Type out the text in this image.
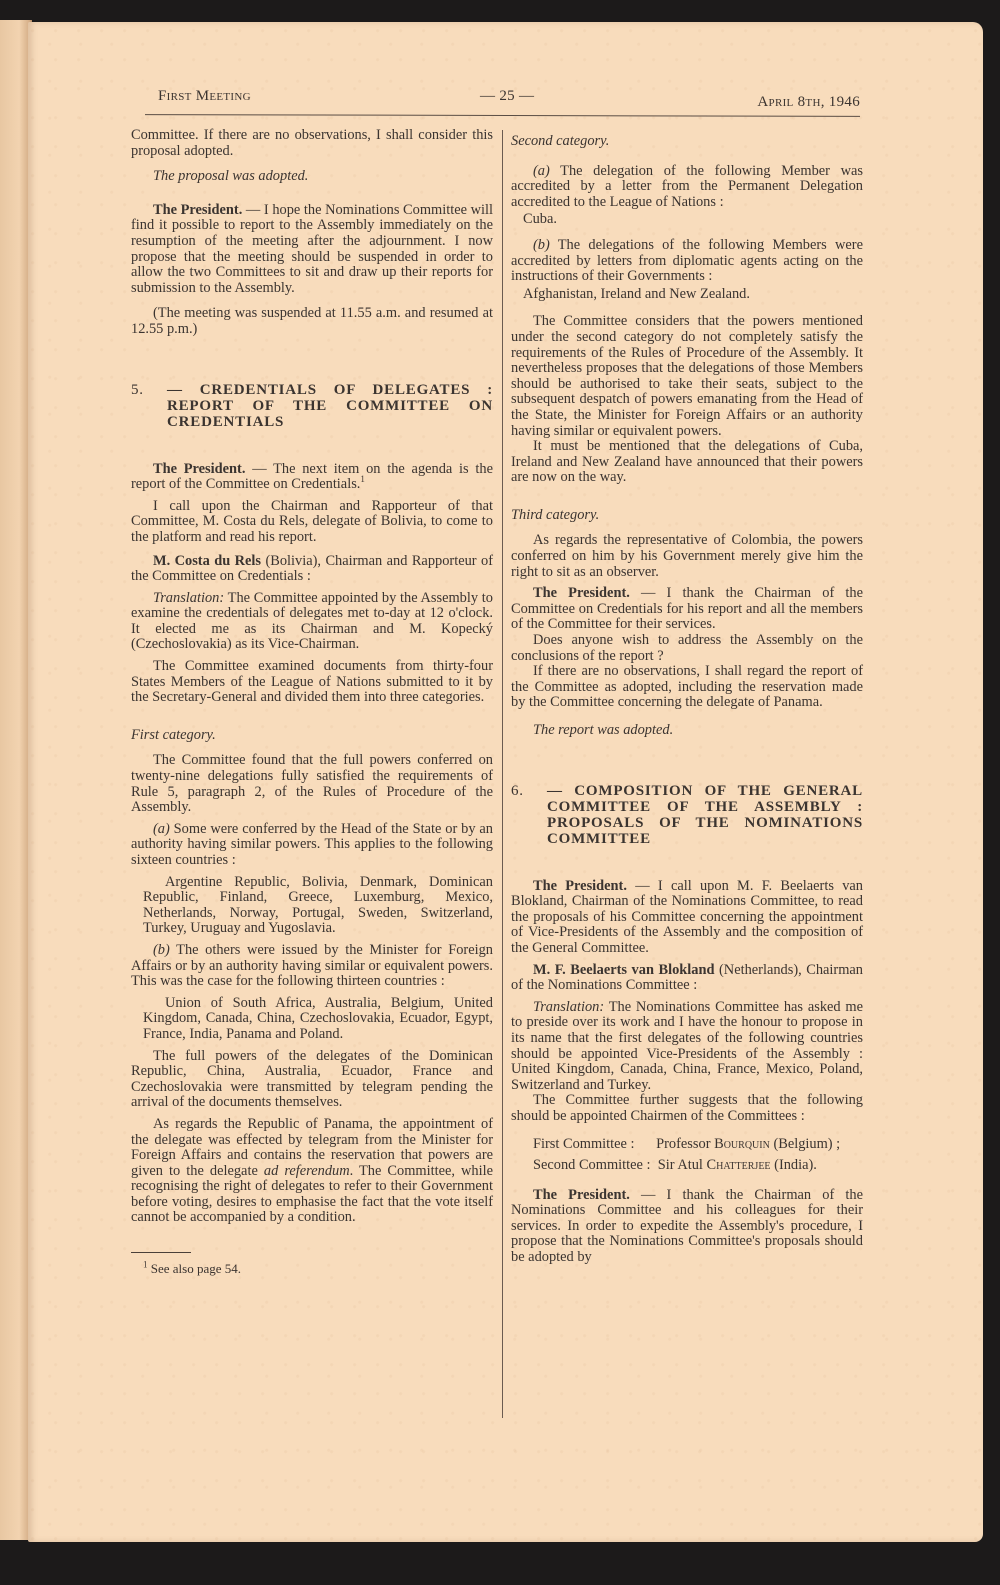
First Meeting	— 25 —	April 8th, 1946

Committee. If there are no observations, I shall consider this proposal adopted.

The proposal was adopted.

The President. — I hope the Nominations Committee will find it possible to report to the Assembly immediately on the resumption of the meeting after the adjournment. I now propose that the meeting should be suspended in order to allow the two Committees to sit and draw up their reports for submission to the Assembly.

(The meeting was suspended at 11.55 a.m. and resumed at 12.55 p.m.)

5. — CREDENTIALS OF DELEGATES : REPORT OF THE COMMITTEE ON CREDENTIALS

The President. — The next item on the agenda is the report of the Committee on Credentials.$^1$

I call upon the Chairman and Rapporteur of that Committee, M. Costa du Rels, delegate of Bolivia, to come to the platform and read his report.

M. Costa du Rels (Bolivia), Chairman and Rapporteur of the Committee on Credentials :

Translation: The Committee appointed by the Assembly to examine the credentials of delegates met to-day at 12 o'clock. It elected me as its Chairman and M. Kopecký (Czechoslovakia) as its Vice-Chairman.

The Committee examined documents from thirty-four States Members of the League of Nations submitted to it by the Secretary-General and divided them into three categories.

First category.

The Committee found that the full powers conferred on twenty-nine delegations fully satisfied the requirements of Rule 5, paragraph 2, of the Rules of Procedure of the Assembly.

(a) Some were conferred by the Head of the State or by an authority having similar powers. This applies to the following sixteen countries :

Argentine Republic, Bolivia, Denmark, Dominican Republic, Finland, Greece, Luxemburg, Mexico, Netherlands, Norway, Portugal, Sweden, Switzerland, Turkey, Uruguay and Yugoslavia.

(b) The others were issued by the Minister for Foreign Affairs or by an authority having similar or equivalent powers. This was the case for the following thirteen countries :

Union of South Africa, Australia, Belgium, United Kingdom, Canada, China, Czechoslovakia, Ecuador, Egypt, France, India, Panama and Poland.

The full powers of the delegates of the Dominican Republic, China, Australia, Ecuador, France and Czechoslovakia were transmitted by telegram pending the arrival of the documents themselves.

As regards the Republic of Panama, the appointment of the delegate was effected by telegram from the Minister for Foreign Affairs and contains the reservation that powers are given to the delegate ad referendum. The Committee, while recognising the right of delegates to refer to their Government before voting, desires to emphasise the fact that the vote itself cannot be accompanied by a condition.

$^1$ See also page 54.

Second category.

(a) The delegation of the following Member was accredited by a letter from the Permanent Delegation accredited to the League of Nations :

Cuba.

(b) The delegations of the following Members were accredited by letters from diplomatic agents acting on the instructions of their Governments :

Afghanistan, Ireland and New Zealand.

The Committee considers that the powers mentioned under the second category do not completely satisfy the requirements of the Rules of Procedure of the Assembly. It nevertheless proposes that the delegations of those Members should be authorised to take their seats, subject to the subsequent despatch of powers emanating from the Head of the State, the Minister for Foreign Affairs or an authority having similar or equivalent powers.

It must be mentioned that the delegations of Cuba, Ireland and New Zealand have announced that their powers are now on the way.

Third category.

As regards the representative of Colombia, the powers conferred on him by his Government merely give him the right to sit as an observer.

The President. — I thank the Chairman of the Committee on Credentials for his report and all the members of the Committee for their services.

Does anyone wish to address the Assembly on the conclusions of the report ?

If there are no observations, I shall regard the report of the Committee as adopted, including the reservation made by the Committee concerning the delegate of Panama.

The report was adopted.

6. — COMPOSITION OF THE GENERAL COMMITTEE OF THE ASSEMBLY : PROPOSALS OF THE NOMINATIONS COMMITTEE

The President. — I call upon M. F. Beelaerts van Blokland, Chairman of the Nominations Committee, to read the proposals of his Committee concerning the appointment of Vice-Presidents of the Assembly and the composition of the General Committee.

M. F. Beelaerts van Blokland (Netherlands), Chairman of the Nominations Committee :

Translation: The Nominations Committee has asked me to preside over its work and I have the honour to propose in its name that the first delegates of the following countries should be appointed Vice-Presidents of the Assembly : United Kingdom, Canada, China, France, Mexico, Poland, Switzerland and Turkey.

The Committee further suggests that the following should be appointed Chairmen of the Committees :

First Committee : Professor Bourquin (Belgium) ;

Second Committee : Sir Atul Chatterjee (India).

The President. — I thank the Chairman of the Nominations Committee and his colleagues for their services. In order to expedite the Assembly's procedure, I propose that the Nominations Committee's proposals should be adopted by
